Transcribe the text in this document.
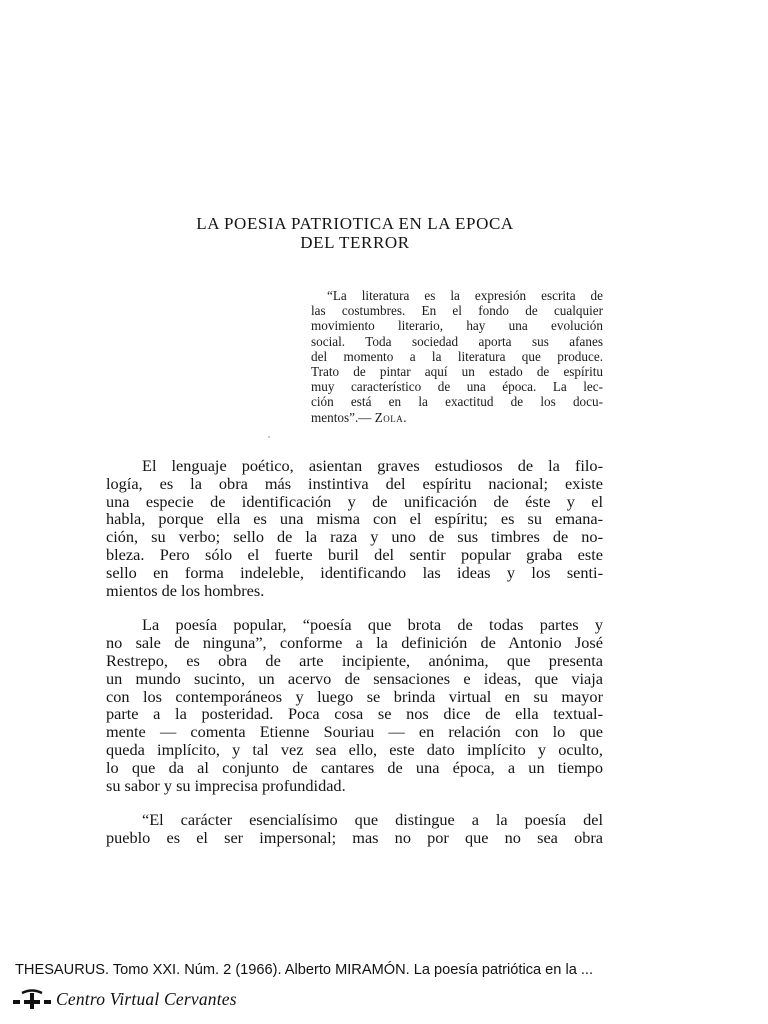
LA POESIA PATRIOTICA EN LA EPOCA
DEL TERROR
“La literatura es la expresión escrita de
las costumbres. En el fondo de cualquier
movimiento literario, hay una evolución
social. Toda sociedad aporta sus afanes
del momento a la literatura que produce.
Trato de pintar aquí un estado de espíritu
muy característico de una época. La lec-
ción está en la exactitud de los docu-
mentos”.— Zola.

El lenguaje poético, asientan graves estudiosos de la filo-
logía, es la obra más instintiva del espíritu nacional; existe
una especie de identificación y de unificación de éste y el
habla, porque ella es una misma con el espíritu; es su emana-
ción, su verbo; sello de la raza y uno de sus timbres de no-
bleza. Pero sólo el fuerte buril del sentir popular graba este
sello en forma indeleble, identificando las ideas y los senti-
mientos de los hombres.

La poesía popular, “poesía que brota de todas partes y
no sale de ninguna”, conforme a la definición de Antonio José
Restrepo, es obra de arte incipiente, anónima, que presenta
un mundo sucinto, un acervo de sensaciones e ideas, que viaja
con los contemporáneos y luego se brinda virtual en su mayor
parte a la posteridad. Poca cosa se nos dice de ella textual-
mente — comenta Etienne Souriau — en relación con lo que
queda implícito, y tal vez sea ello, este dato implícito y oculto,
lo que da al conjunto de cantares de una época, a un tiempo
su sabor y su imprecisa profundidad.

“El carácter esencialísimo que distingue a la poesía del
pueblo es el ser impersonal; mas no por que no sea obra

THESAURUS. Tomo XXI. Núm. 2 (1966). Alberto MIRAMÓN. La poesía patriótica en la ...
Centro Virtual Cervantes
